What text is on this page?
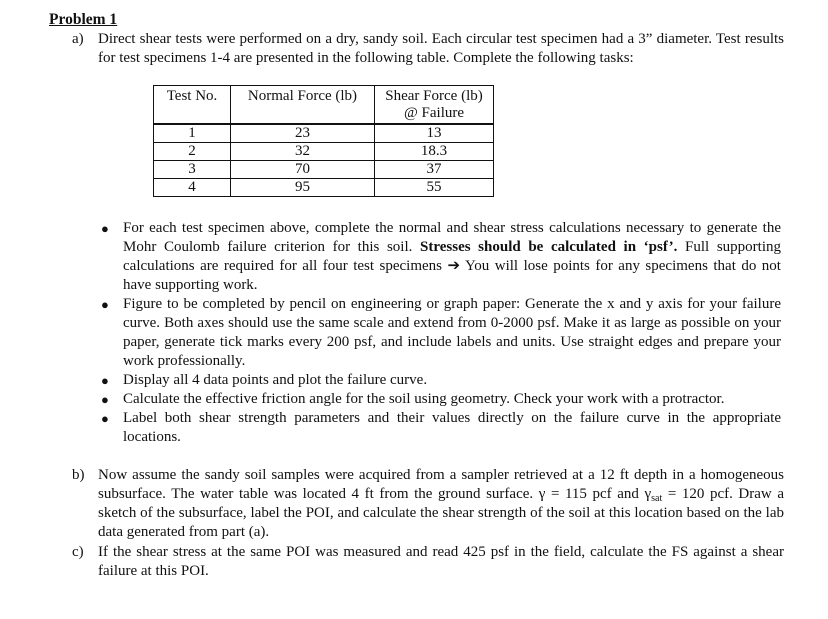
Problem 1
a) Direct shear tests were performed on a dry, sandy soil. Each circular test specimen had a 3” diameter. Test results for test specimens 1-4 are presented in the following table. Complete the following tasks:
Test No.	Normal Force (lb)	Shear Force (lb)
@ Failure

1	23	13
2	32	18.3
3	70	37
4	95	55
● For each test specimen above, complete the normal and shear stress calculations necessary to generate the Mohr Coulomb failure criterion for this soil. Stresses should be calculated in ‘psf’. Full supporting calculations are required for all four test specimens ➔ You will lose points for any specimens that do not have supporting work.
● Figure to be completed by pencil on engineering or graph paper: Generate the x and y axis for your failure curve. Both axes should use the same scale and extend from 0-2000 psf. Make it as large as possible on your paper, generate tick marks every 200 psf, and include labels and units. Use straight edges and prepare your work professionally.
● Display all 4 data points and plot the failure curve.
● Calculate the effective friction angle for the soil using geometry. Check your work with a protractor.
● Label both shear strength parameters and their values directly on the failure curve in the appropriate locations.
b) Now assume the sandy soil samples were acquired from a sampler retrieved at a 12 ft depth in a homogeneous subsurface. The water table was located 4 ft from the ground surface. γ = 115 pcf and $\gamma_{sat} = 120$ pcf. Draw a sketch of the subsurface, label the POI, and calculate the shear strength of the soil at this location based on the lab data generated from part (a).
c) If the shear stress at the same POI was measured and read 425 psf in the field, calculate the FS against a shear failure at this POI.
